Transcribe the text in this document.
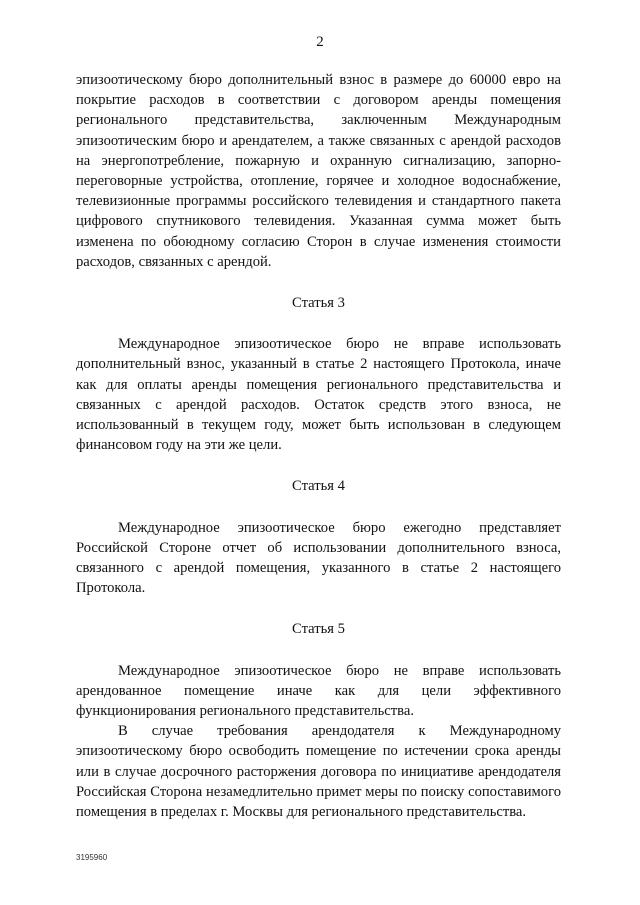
2

эпизоотическому бюро дополнительный взнос в размере до 60000 евро на покрытие расходов в соответствии с договором аренды помещения регионального представительства, заключенным Международным эпизоотическим бюро и арендателем, а также связанных с арендой расходов на энергопотребление, пожарную и охранную сигнализацию, запорно-переговорные устройства, отопление, горячее и холодное водоснабжение, телевизионные программы российского телевидения и стандартного пакета цифрового спутникового телевидения. Указанная сумма может быть изменена по обоюдному согласию Сторон в случае изменения стоимости расходов, связанных с арендой.

Статья 3

Международное эпизоотическое бюро не вправе использовать дополнительный взнос, указанный в статье 2 настоящего Протокола, иначе как для оплаты аренды помещения регионального представительства и связанных с арендой расходов. Остаток средств этого взноса, не использованный в текущем году, может быть использован в следующем финансовом году на эти же цели.

Статья 4

Международное эпизоотическое бюро ежегодно представляет Российской Стороне отчет об использовании дополнительного взноса, связанного с арендой помещения, указанного в статье 2 настоящего Протокола.

Статья 5

Международное эпизоотическое бюро не вправе использовать арендованное помещение иначе как для цели эффективного функционирования регионального представительства.

В случае требования арендодателя к Международному эпизоотическому бюро освободить помещение по истечении срока аренды или в случае досрочного расторжения договора по инициативе арендодателя Российская Сторона незамедлительно примет меры по поиску сопоставимого помещения в пределах г. Москвы для регионального представительства.

3195960
